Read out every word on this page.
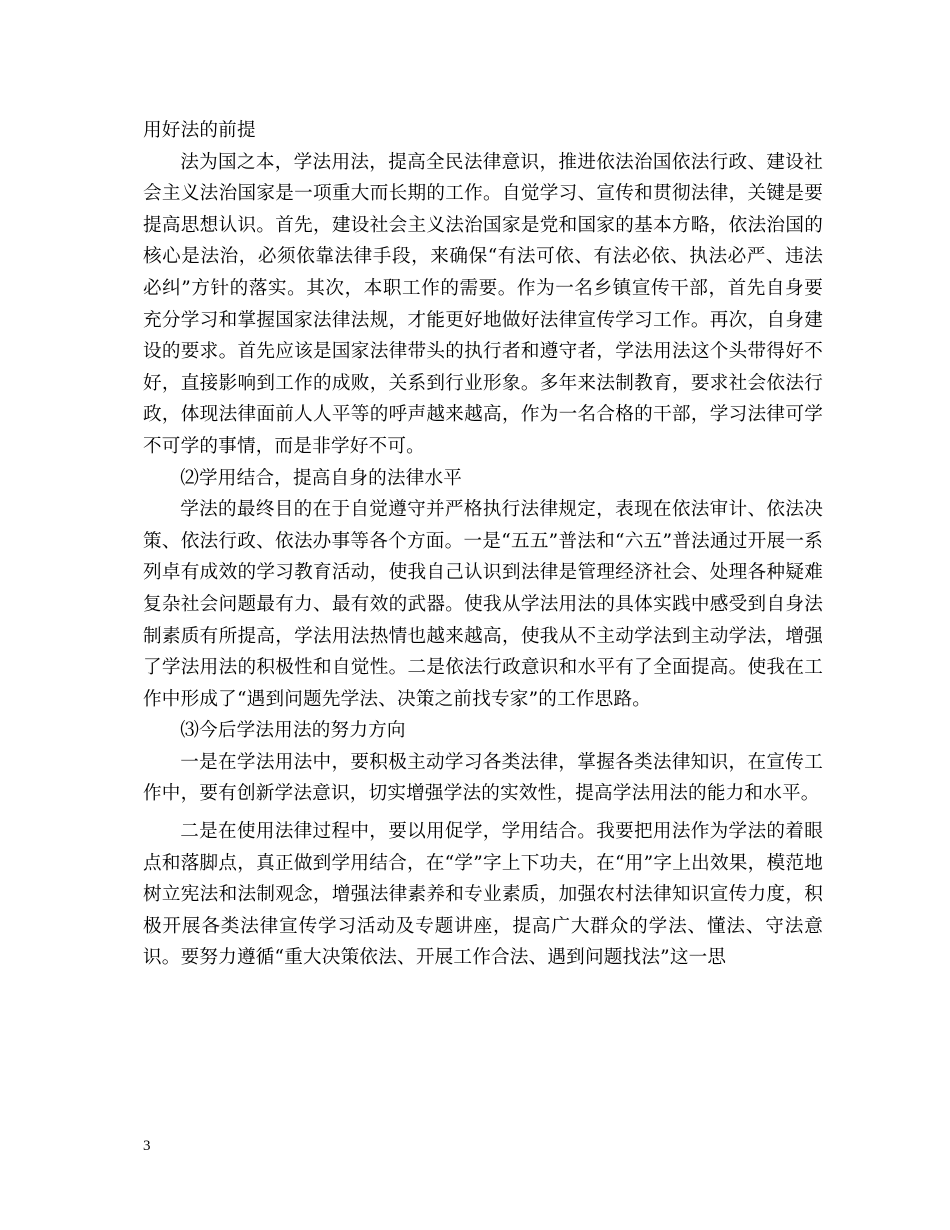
用好法的前提

法为国之本，学法用法，提高全民法律意识，推进依法治国依法行政、建设社会主义法治国家是一项重大而长期的工作。自觉学习、宣传和贯彻法律，关键是要提高思想认识。首先，建设社会主义法治国家是党和国家的基本方略，依法治国的核心是法治，必须依靠法律手段，来确保“有法可依、有法必依、执法必严、违法必纠”方针的落实。其次，本职工作的需要。作为一名乡镇宣传干部，首先自身要充分学习和掌握国家法律法规，才能更好地做好法律宣传学习工作。再次，自身建设的要求。首先应该是国家法律带头的执行者和遵守者，学法用法这个头带得好不好，直接影响到工作的成败，关系到行业形象。多年来法制教育，要求社会依法行政，体现法律面前人人平等的呼声越来越高，作为一名合格的干部，学习法律可学不可学的事情，而是非学好不可。

⑵学用结合，提高自身的法律水平

学法的最终目的在于自觉遵守并严格执行法律规定，表现在依法审计、依法决策、依法行政、依法办事等各个方面。一是“五五”普法和“六五”普法通过开展一系列卓有成效的学习教育活动，使我自己认识到法律是管理经济社会、处理各种疑难复杂社会问题最有力、最有效的武器。使我从学法用法的具体实践中感受到自身法制素质有所提高，学法用法热情也越来越高，使我从不主动学法到主动学法，增强了学法用法的积极性和自觉性。二是依法行政意识和水平有了全面提高。使我在工作中形成了“遇到问题先学法、决策之前找专家”的工作思路。

⑶今后学法用法的努力方向

一是在学法用法中，要积极主动学习各类法律，掌握各类法律知识，在宣传工作中，要有创新学法意识，切实增强学法的实效性，提高学法用法的能力和水平。

二是在使用法律过程中，要以用促学，学用结合。我要把用法作为学法的着眼点和落脚点，真正做到学用结合，在“学”字上下功夫，在“用”字上出效果，模范地树立宪法和法制观念，增强法律素养和专业素质，加强农村法律知识宣传力度，积极开展各类法律宣传学习活动及专题讲座，提高广大群众的学法、懂法、守法意识。要努力遵循“重大决策依法、开展工作合法、遇到问题找法”这一思

3
